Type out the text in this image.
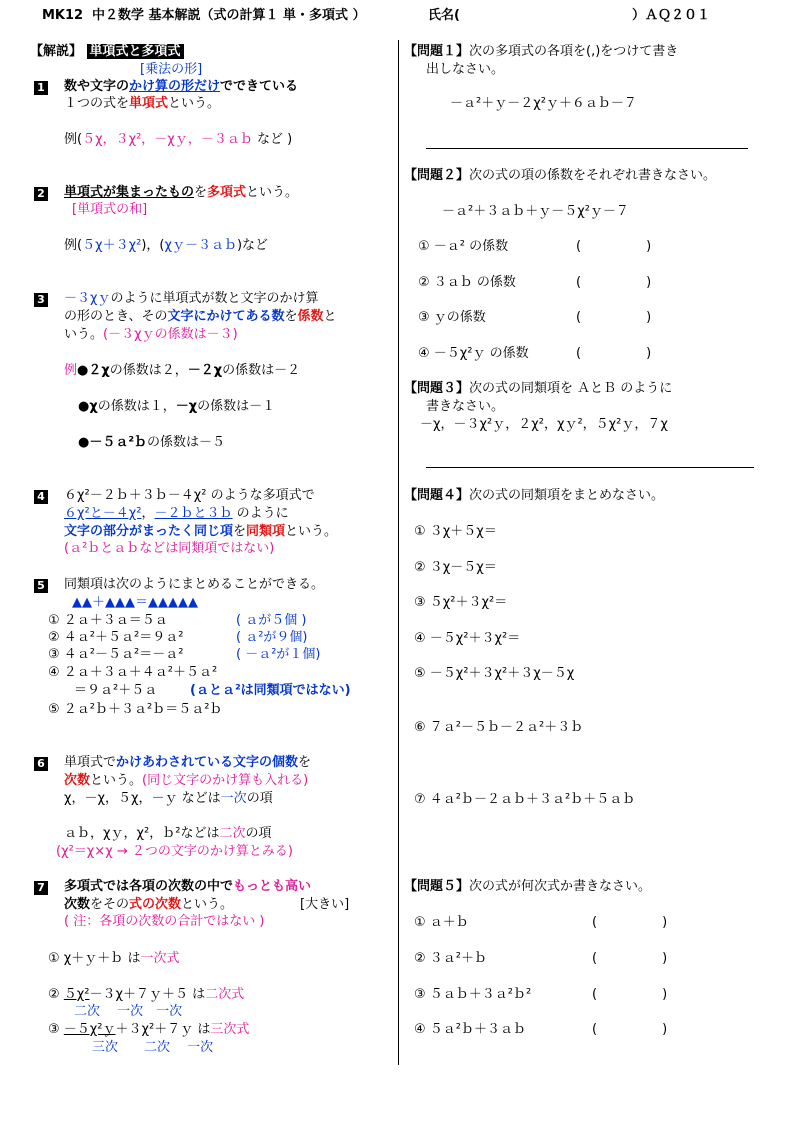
MK12 中２数学 基本解説（式の計算１ 単・多項式 ）	氏名(	）ＡＱ２０１
【解説】 単項式と多項式
[乗法の形]
1 数や文字のかけ算の形だけでできている
１つの式を単項式という。
例(５χ，３χ²，－χｙ，－３ａｂ など )
2 単項式が集まったものを多項式という。
[単項式の和]
例(５χ＋３χ²)，(χｙ－３ａｂ)など
3 －３χｙのように単項式が数と文字のかけ算
の形のとき、その文字にかけてある数を係数と
いう。(－３χｙの係数は－３)
例●２χの係数は２，－２χの係数は－２
●χの係数は１，－χの係数は－１
●－５ａ²ｂの係数は－５
4 ６χ²－２ｂ＋３ｂ－４χ² のような多項式で
６χ²と－４χ²，－２ｂと３ｂ のように
文字の部分がまったく同じ項を同類項という。
(ａ²ｂとａｂなどは同類項ではない)
5 同類項は次のようにまとめることができる。
▲▲＋▲▲▲＝▲▲▲▲▲
① ２ａ＋３ａ＝５ａ	( ａが５個 )
② ４ａ²＋５ａ²＝９ａ²	( ａ²が９個)
③ ４ａ²－５ａ²＝－ａ²	( －ａ²が１個)
④ ２ａ＋３ａ＋４ａ²＋５ａ²
＝９ａ²＋５ａ	(ａとａ²は同類項ではない)
⑤ ２ａ²ｂ＋３ａ²ｂ＝５ａ²ｂ
6 単項式でかけあわされている文字の個数を
次数という。(同じ文字のかけ算も入れる)
χ，－χ，５χ，－ｙ などは一次の項
ａｂ，χｙ，χ²，ｂ²などは二次の項
(χ²＝χ×χ → ２つの文字のかけ算とみる)
7 多項式では各項の次数の中でもっとも高い
次数をその式の次数という。	[大きい]
( 注：各項の次数の合計ではない )
① χ＋ｙ＋ｂ は一次式
② ５χ²－３χ＋７ｙ＋５ は二次式
二次　 一次　一次
③ －５χ²ｙ＋３χ²＋７ｙ は三次式
三次　　二次　 一次
【問題１】次の多項式の各項を(,)をつけて書き
出しなさい。
－ａ²＋ｙ－２χ²ｙ＋６ａｂ－７
【問題２】次の式の項の係数をそれぞれ書きなさい。
－ａ²＋３ａｂ＋ｙ－５χ²ｙ－７
① －ａ² の係数	(　　　　　)
② ３ａｂ の係数	(　　　　　)
③ ｙの係数	(　　　　　)
④ －５χ²ｙ の係数	(　　　　　)
【問題３】次の式の同類項を ＡとＢ のように
書きなさい。
－χ，－３χ²ｙ，２χ²，χｙ²，５χ²ｙ，７χ
【問題４】次の式の同類項をまとめなさい。
① ３χ＋５χ＝
② ３χ－５χ＝
③ ５χ²＋３χ²＝
④ －５χ²＋３χ²＝
⑤ －５χ²＋３χ²＋３χ－５χ
⑥ ７ａ²－５ｂ－２ａ²＋３ｂ
⑦ ４ａ²ｂ－２ａｂ＋３ａ²ｂ＋５ａｂ
【問題５】次の式が何次式か書きなさい。
① ａ＋ｂ	(　　　　　)
② ３ａ²＋ｂ	(　　　　　)
③ ５ａｂ＋３ａ²ｂ²	(　　　　　)
④ ５ａ²ｂ＋３ａｂ	(　　　　　)
